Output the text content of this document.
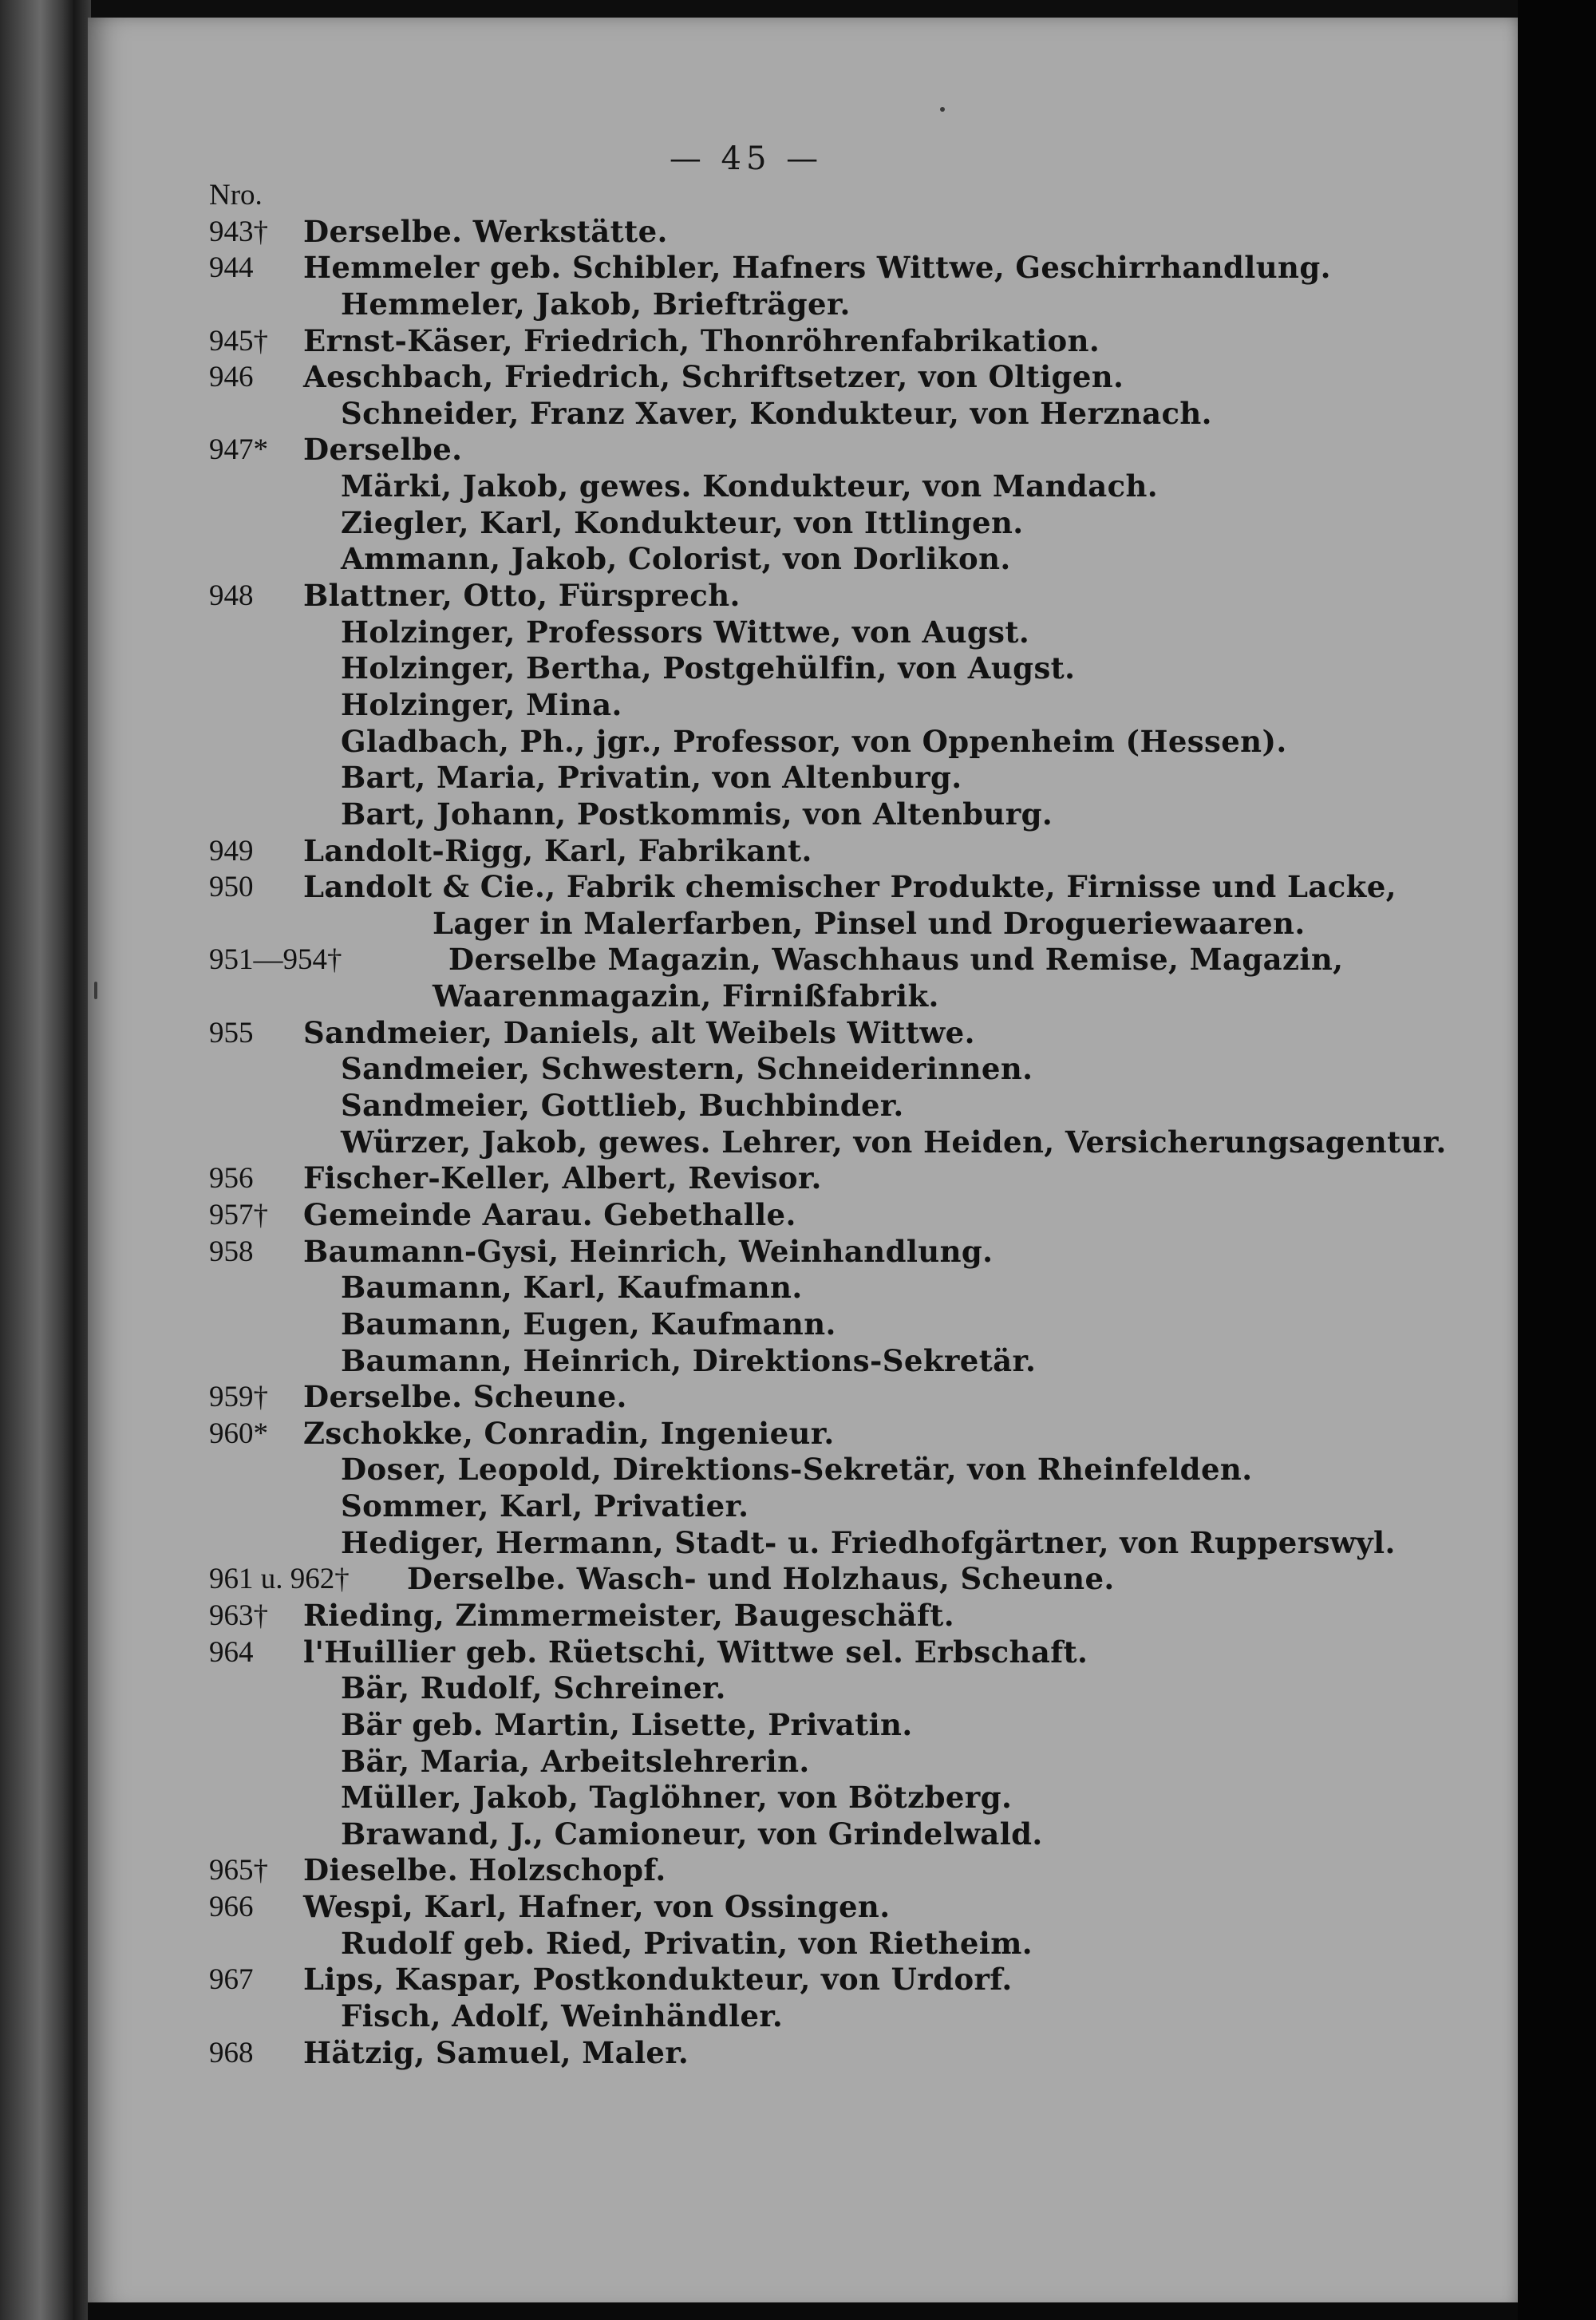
— 45 —
Nro.
943† Derselbe. Werkstätte.
944 Hemmeler geb. Schibler, Hafners Wittwe, Geschirrhandlung.
Hemmeler, Jakob, Briefträger.
945† Ernst-Käser, Friedrich, Thonröhrenfabrikation.
946 Aeschbach, Friedrich, Schriftsetzer, von Oltigen.
Schneider, Franz Xaver, Kondukteur, von Herznach.
947* Derselbe.
Märki, Jakob, gewes. Kondukteur, von Mandach.
Ziegler, Karl, Kondukteur, von Ittlingen.
Ammann, Jakob, Colorist, von Dorlikon.
948 Blattner, Otto, Fürsprech.
Holzinger, Professors Wittwe, von Augst.
Holzinger, Bertha, Postgehülfin, von Augst.
Holzinger, Mina.
Gladbach, Ph., jgr., Professor, von Oppenheim (Hessen).
Bart, Maria, Privatin, von Altenburg.
Bart, Johann, Postkommis, von Altenburg.
949 Landolt-Rigg, Karl, Fabrikant.
950 Landolt & Cie., Fabrik chemischer Produkte, Firnisse und Lacke,
Lager in Malerfarben, Pinsel und Drogueriewaaren.
951—954†	Derselbe Magazin, Waschhaus und Remise, Magazin,
Waarenmagazin, Firnißfabrik.
955 Sandmeier, Daniels, alt Weibels Wittwe.
Sandmeier, Schwestern, Schneiderinnen.
Sandmeier, Gottlieb, Buchbinder.
Würzer, Jakob, gewes. Lehrer, von Heiden, Versicherungsagentur.
956 Fischer-Keller, Albert, Revisor.
957† Gemeinde Aarau. Gebethalle.
958 Baumann-Gysi, Heinrich, Weinhandlung.
Baumann, Karl, Kaufmann.
Baumann, Eugen, Kaufmann.
Baumann, Heinrich, Direktions-Sekretär.
959† Derselbe. Scheune.
960* Zschokke, Conradin, Ingenieur.
Doser, Leopold, Direktions-Sekretär, von Rheinfelden.
Sommer, Karl, Privatier.
Hediger, Hermann, Stadt- u. Friedhofgärtner, von Rupperswyl.
961 u. 962† Derselbe. Wasch- und Holzhaus, Scheune.
963† Rieding, Zimmermeister, Baugeschäft.
964 l'Huillier geb. Rüetschi, Wittwe sel. Erbschaft.
Bär, Rudolf, Schreiner.
Bär geb. Martin, Lisette, Privatin.
Bär, Maria, Arbeitslehrerin.
Müller, Jakob, Taglöhner, von Bötzberg.
Brawand, J., Camioneur, von Grindelwald.
965† Dieselbe. Holzschopf.
966 Wespi, Karl, Hafner, von Ossingen.
Rudolf geb. Ried, Privatin, von Rietheim.
967 Lips, Kaspar, Postkondukteur, von Urdorf.
Fisch, Adolf, Weinhändler.
968 Hätzig, Samuel, Maler.
